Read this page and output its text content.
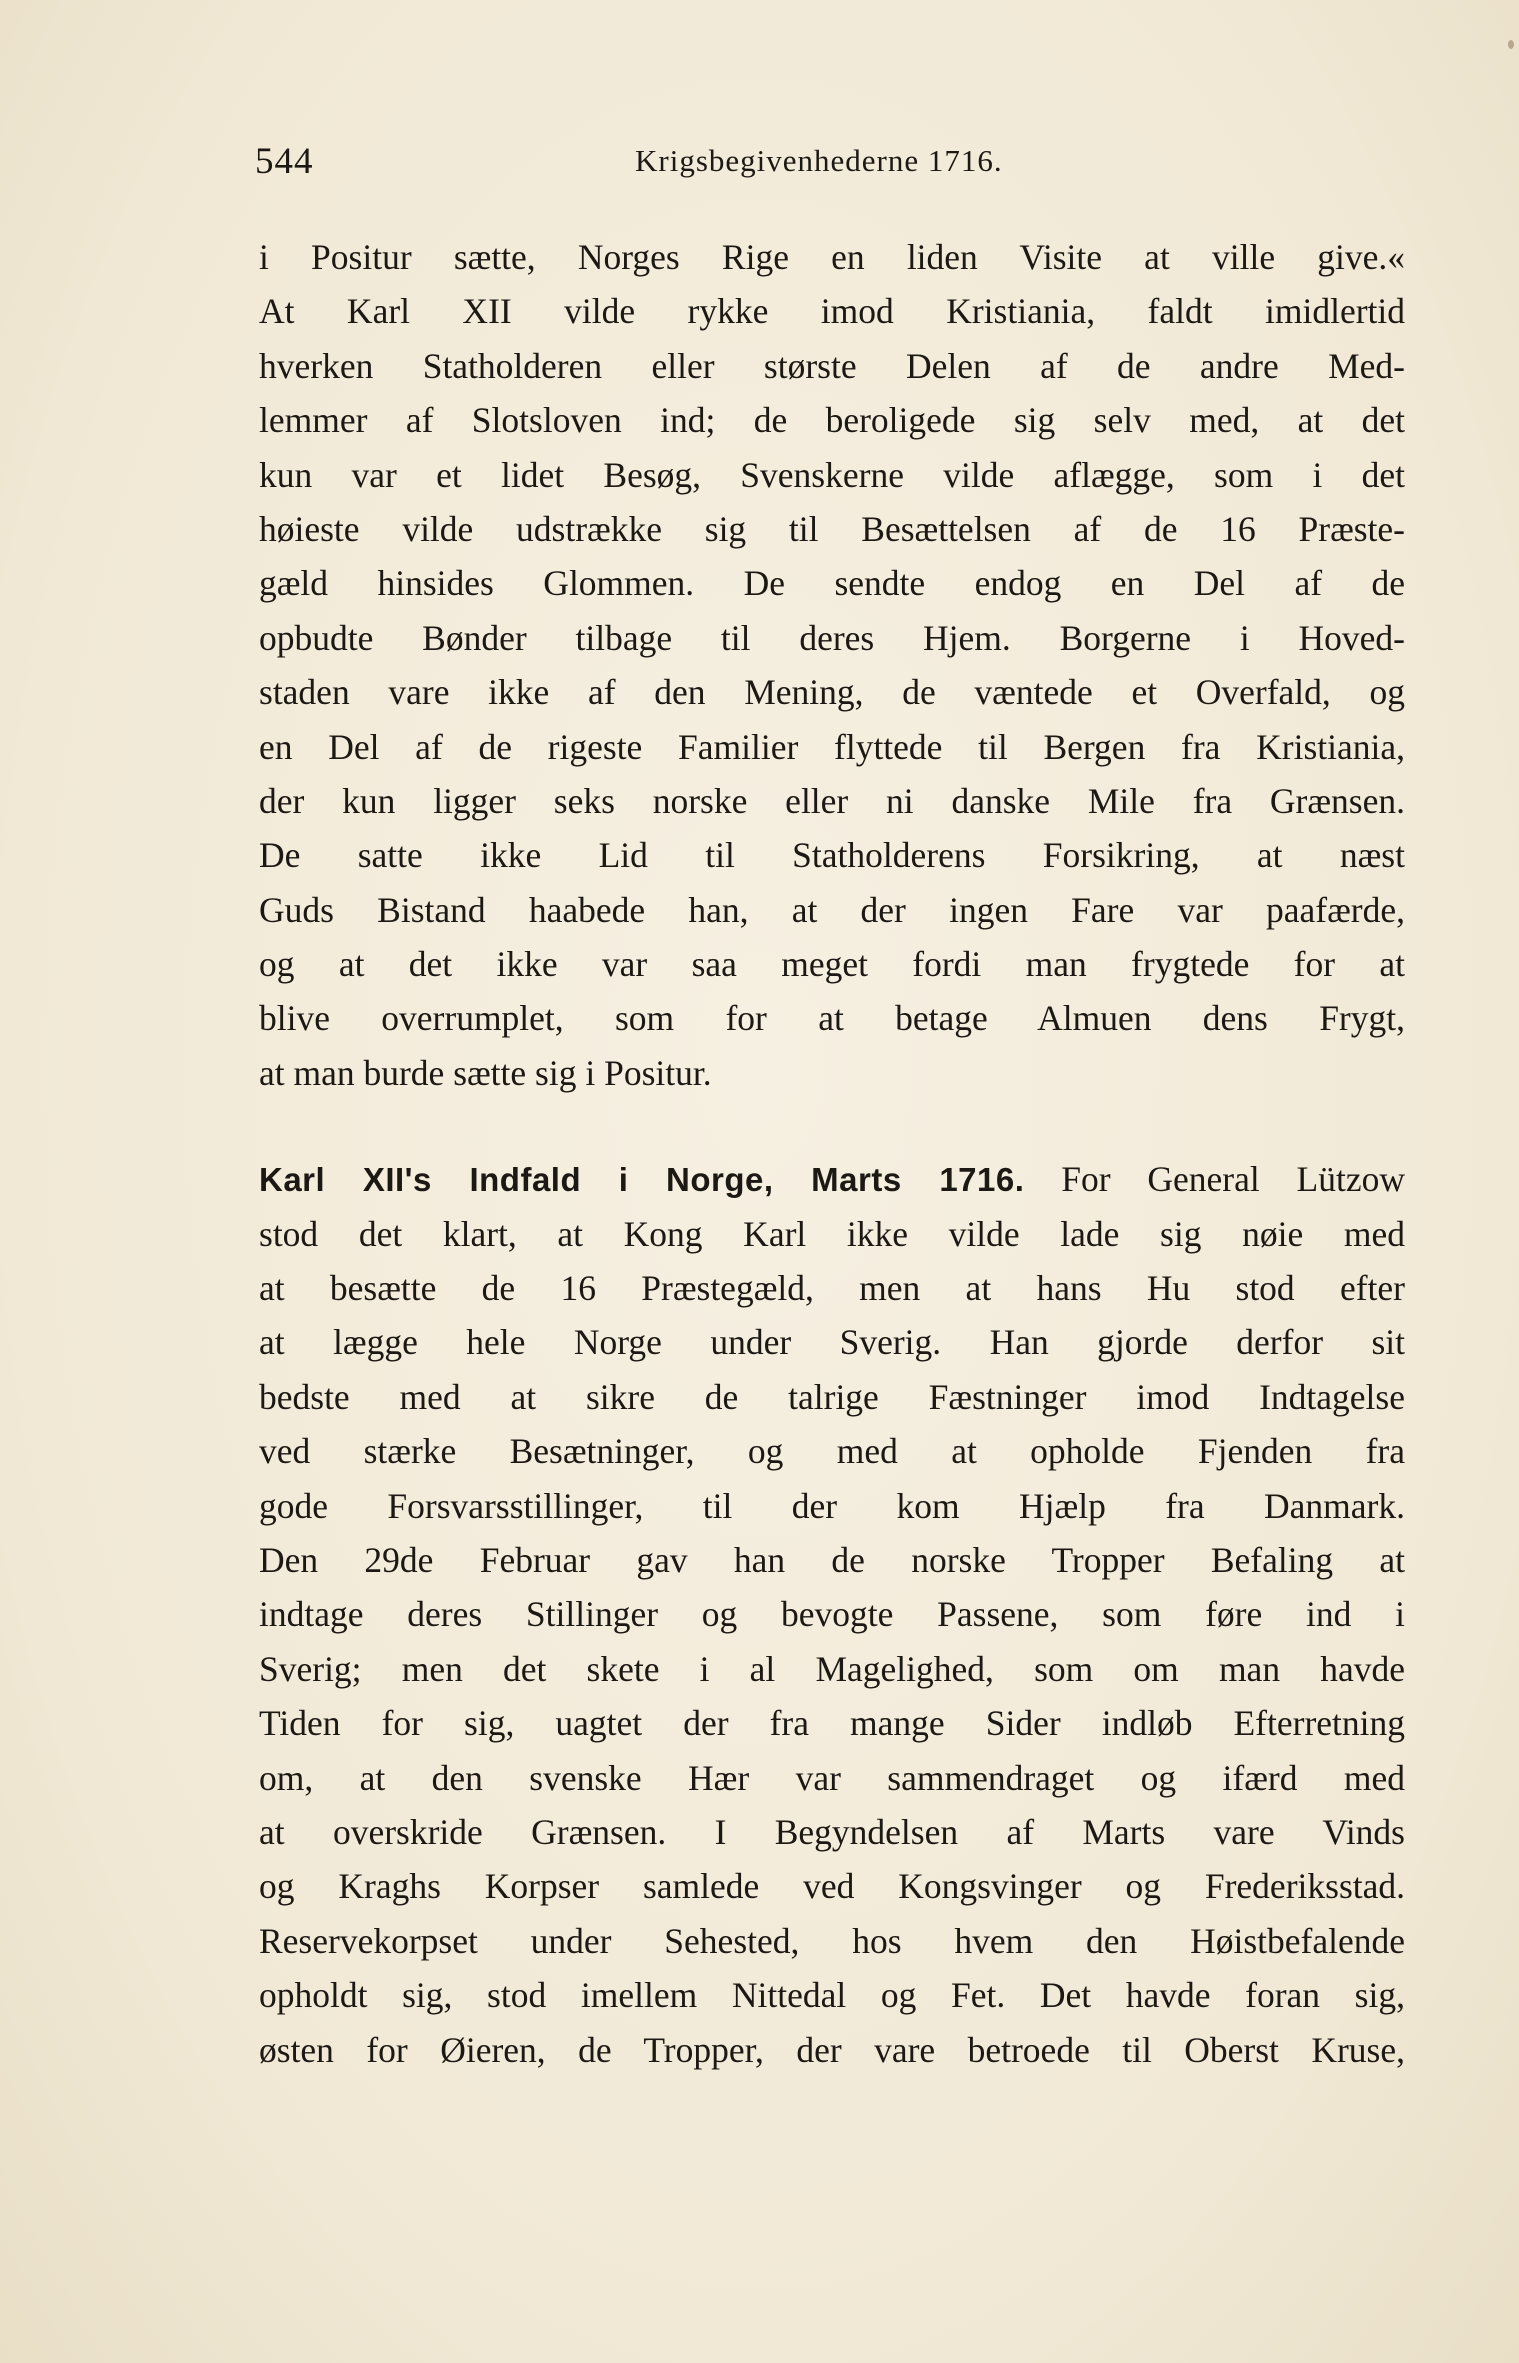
544	Krigsbegivenhederne 1716.
i Positur sætte, Norges Rige en liden Visite at ville give.«
At Karl XII vilde rykke imod Kristiania, faldt imidlertid
hverken Statholderen eller største Delen af de andre Med-
lemmer af Slotsloven ind; de beroligede sig selv med, at det
kun var et lidet Besøg, Svenskerne vilde aflægge, som i det
høieste vilde udstrække sig til Besættelsen af de 16 Præste-
gæld hinsides Glommen. De sendte endog en Del af de
opbudte Bønder tilbage til deres Hjem. Borgerne i Hoved-
staden vare ikke af den Mening, de væntede et Overfald, og
en Del af de rigeste Familier flyttede til Bergen fra Kristiania,
der kun ligger seks norske eller ni danske Mile fra Grænsen.
De satte ikke Lid til Statholderens Forsikring, at næst
Guds Bistand haabede han, at der ingen Fare var paafærde,
og at det ikke var saa meget fordi man frygtede for at
blive overrumplet, som for at betage Almuen dens Frygt,
at man burde sætte sig i Positur.
Karl XII's Indfald i Norge, Marts 1716. For General Lützow
stod det klart, at Kong Karl ikke vilde lade sig nøie med
at besætte de 16 Præstegæld, men at hans Hu stod efter
at lægge hele Norge under Sverig. Han gjorde derfor sit
bedste med at sikre de talrige Fæstninger imod Indtagelse
ved stærke Besætninger, og med at opholde Fjenden fra
gode Forsvarsstillinger, til der kom Hjælp fra Danmark.
Den 29de Februar gav han de norske Tropper Befaling at
indtage deres Stillinger og bevogte Passene, som føre ind i
Sverig; men det skete i al Magelighed, som om man havde
Tiden for sig, uagtet der fra mange Sider indløb Efterretning
om, at den svenske Hær var sammendraget og ifærd med
at overskride Grænsen. I Begyndelsen af Marts vare Vinds
og Kraghs Korpser samlede ved Kongsvinger og Frederiksstad.
Reservekorpset under Sehested, hos hvem den Høistbefalende
opholdt sig, stod imellem Nittedal og Fet. Det havde foran sig,
østen for Øieren, de Tropper, der vare betroede til Oberst Kruse,
